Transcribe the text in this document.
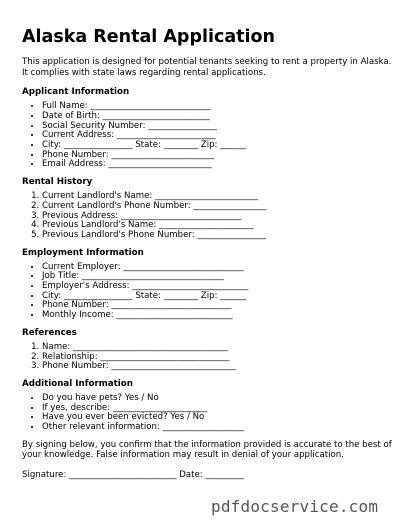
Alaska Rental Application
This application is designed for potential tenants seeking to rent a property in Alaska. It complies with state laws regarding rental applications.
Applicant Information
• Full Name: ____________________________
• Date of Birth: _________________________
• Social Security Number: ________________
• Current Address: _______________________
• City: ________________ State: ________ Zip: ______
• Phone Number: ________________________
• Email Address: ________________________
Rental History
1. Current Landlord's Name: ________________________
2. Current Landlord's Phone Number: _________________
3. Previous Address: ____________________________
4. Previous Landlord's Name: ______________________
5. Previous Landlord's Phone Number: ________________
Employment Information
• Current Employer: ____________________________
• Job Title: _________________________________
• Employer's Address: ___________________________
• City: ________________ State: ________ Zip: ______
• Phone Number: ____________________________
• Monthly Income: ___________________________
References
1. Name: ____________________________________
2. Relationship: ______________________________
3. Phone Number: _____________________________
Additional Information
• Do you have pets? Yes / No
• If yes, describe: ______________________
• Have you ever been evicted? Yes / No
• Other relevant information: ___________________
By signing below, you confirm that the information provided is accurate to the best of your knowledge. False information may result in denial of your application.
Signature: _________________________ Date: _________
pdfdocservice.com
